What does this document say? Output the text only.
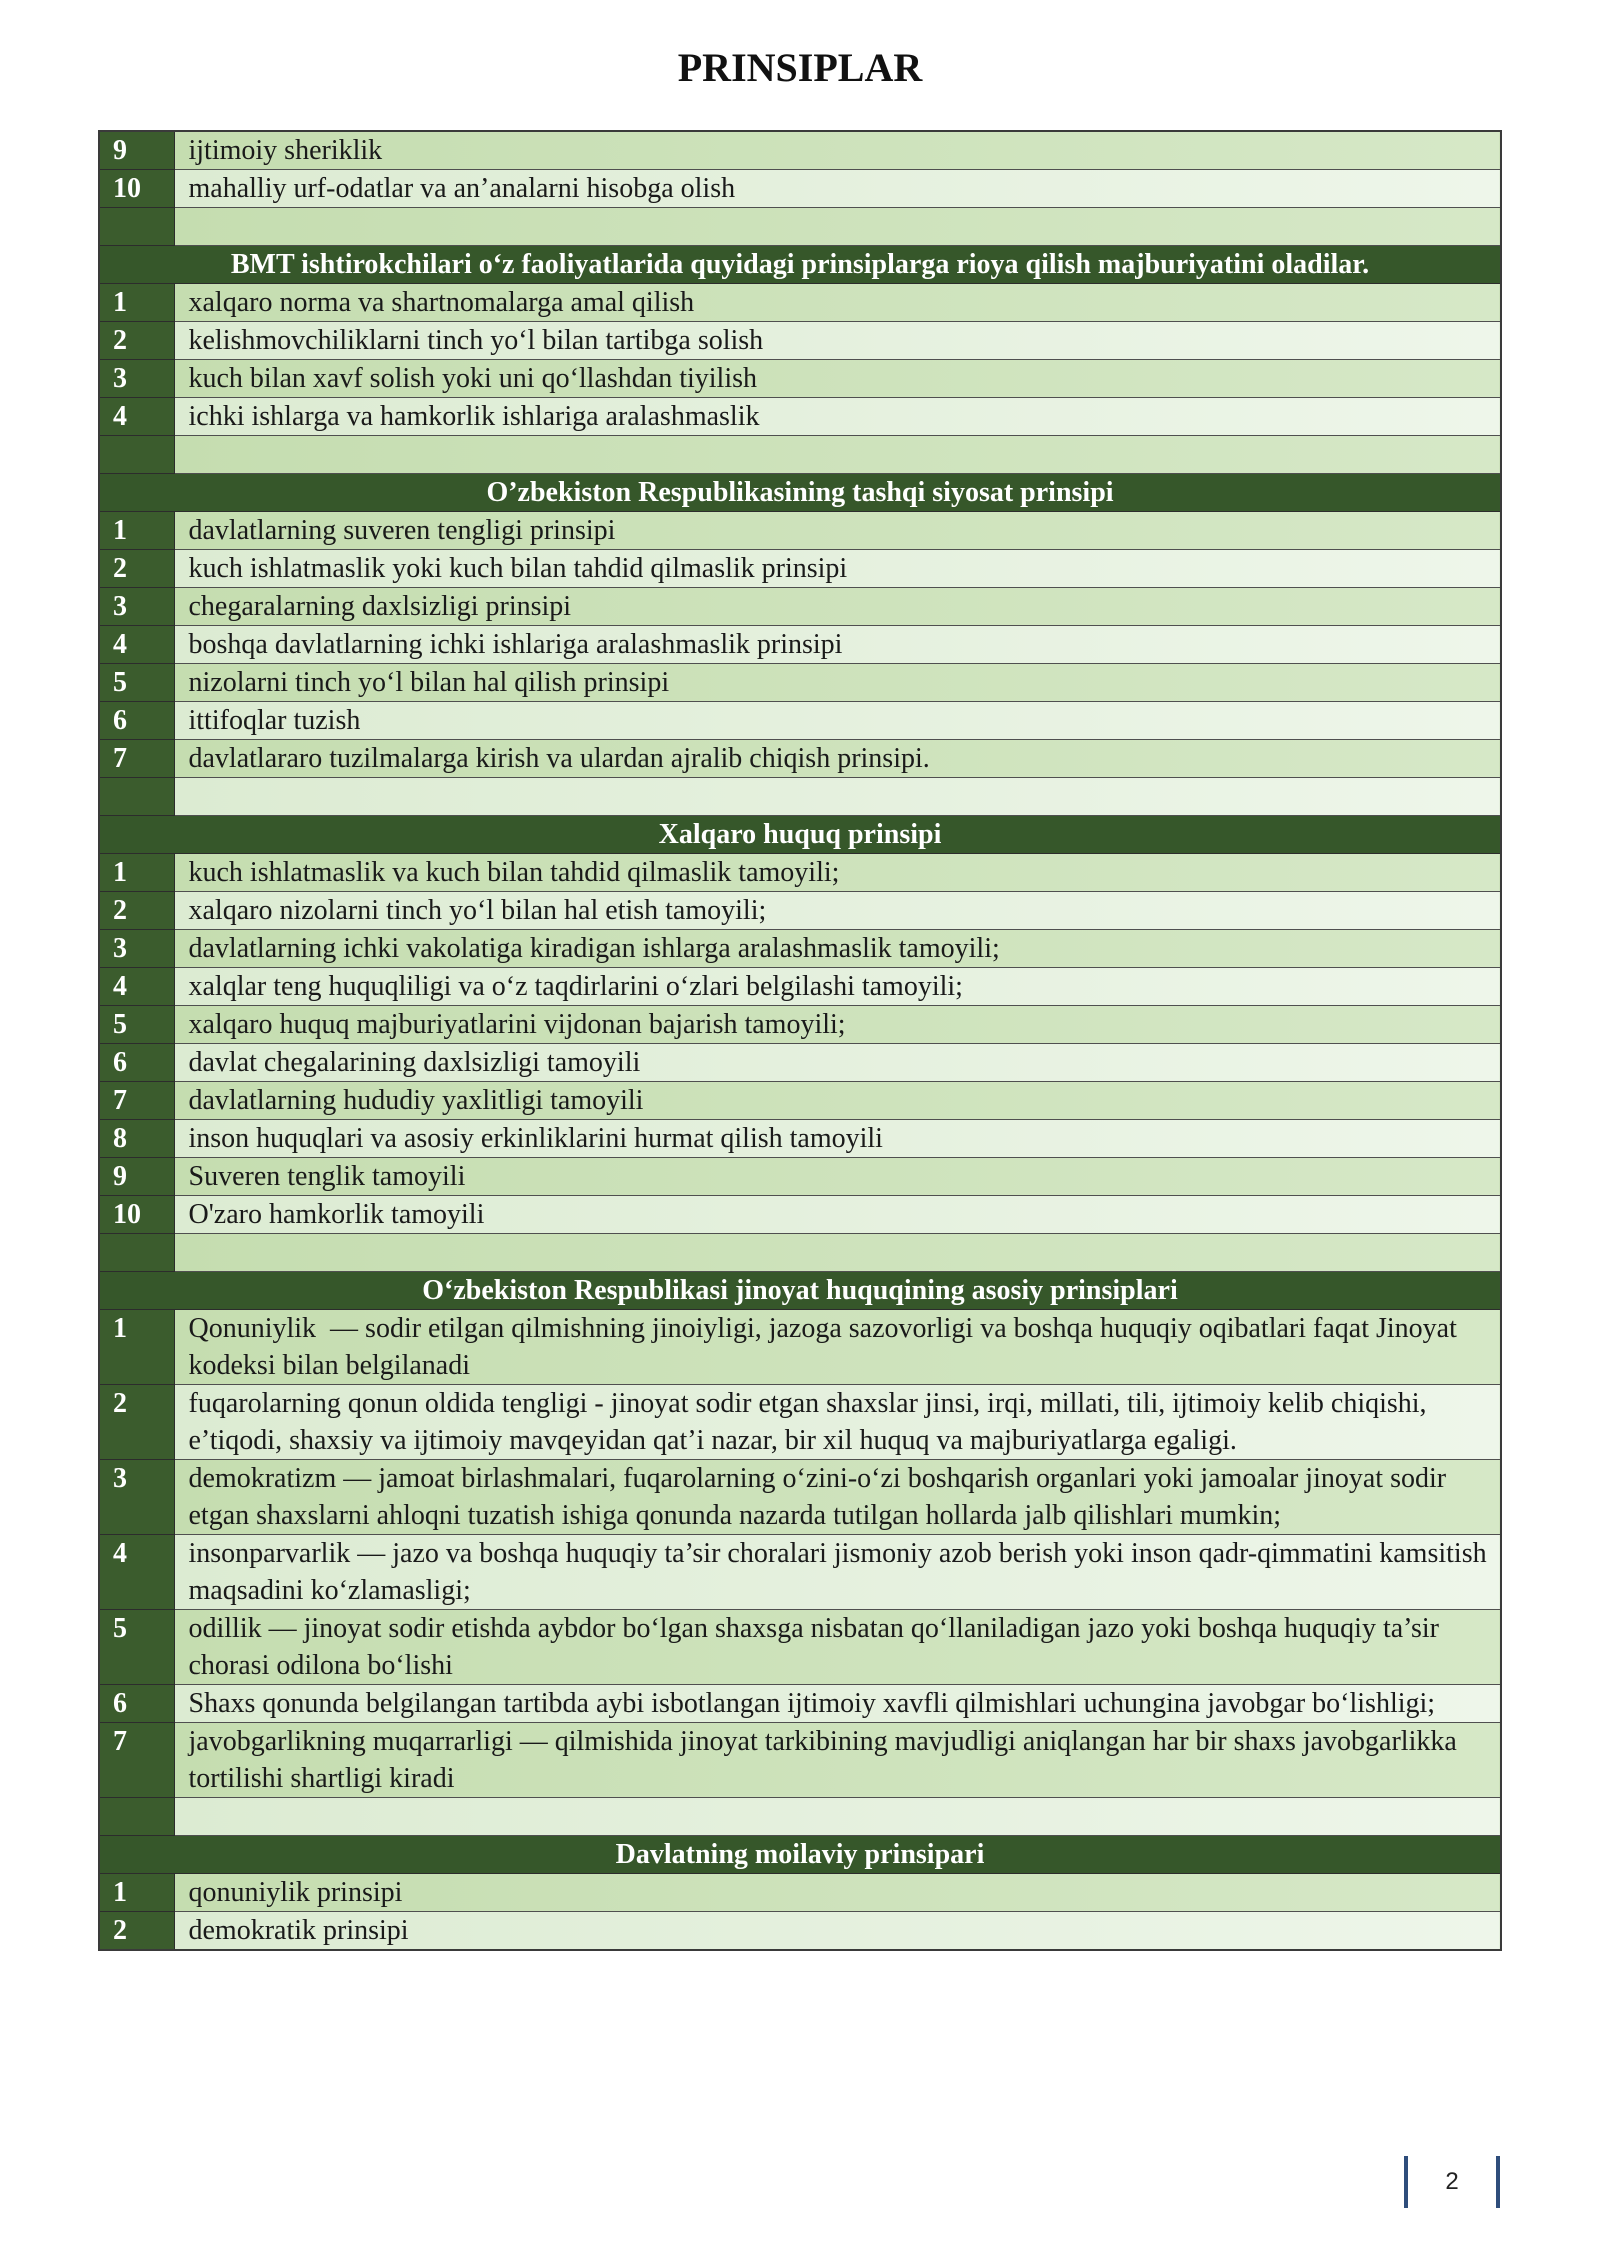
PRINSIPLAR
9	ijtimoiy sheriklik
10	mahalliy urf-odatlar va an’analarni hisobga olish

BMT ishtirokchilari o‘z faoliyatlarida quyidagi prinsiplarga rioya qilish majburiyatini oladilar.	
1	xalqaro norma va shartnomalarga amal qilish
2	kelishmovchiliklarni tinch yo‘l bilan tartibga solish
3	kuch bilan xavf solish yoki uni qo‘llashdan tiyilish
4	ichki ishlarga va hamkorlik ishlariga aralashmaslik

O’zbekiston Respublikasining tashqi siyosat prinsipi	
1	davlatlarning suveren tengligi prinsipi
2	kuch ishlatmaslik yoki kuch bilan tahdid qilmaslik prinsipi
3	chegaralarning daxlsizligi prinsipi
4	boshqa davlatlarning ichki ishlariga aralashmaslik prinsipi
5	nizolarni tinch yo‘l bilan hal qilish prinsipi
6	ittifoqlar tuzish
7	davlatlararo tuzilmalarga kirish va ulardan ajralib chiqish prinsipi.

Xalqaro huquq prinsipi	
1	kuch ishlatmaslik va kuch bilan tahdid qilmaslik tamoyili;
2	xalqaro nizolarni tinch yo‘l bilan hal etish tamoyili;
3	davlatlarning ichki vakolatiga kiradigan ishlarga aralashmaslik tamoyili;
4	xalqlar teng huquqliligi va o‘z taqdirlarini o‘zlari belgilashi tamoyili;
5	xalqaro huquq majburiyatlarini vijdonan bajarish tamoyili;
6	davlat chegalarining daxlsizligi tamoyili
7	davlatlarning hududiy yaxlitligi tamoyili
8	inson huquqlari va asosiy erkinliklarini hurmat qilish tamoyili
9	Suveren tenglik tamoyili
10	O'zaro hamkorlik tamoyili

O‘zbekiston Respublikasi jinoyat huquqining asosiy prinsiplari	
1	Qonuniylik  — sodir etilgan qilmishning jinoiyligi, jazoga sazovorligi va boshqa huquqiy oqibatlari faqat Jinoyat kodeksi bilan belgilanadi
2	fuqarolarning qonun oldida tengligi - jinoyat sodir etgan shaxslar jinsi, irqi, millati, tili, ijtimoiy kelib chiqishi, e’tiqodi, shaxsiy va ijtimoiy mavqeyidan qat’i nazar, bir xil huquq va majburiyatlarga egaligi.
3	demokratizm — jamoat birlashmalari, fuqarolarning o‘zini-o‘zi boshqarish organlari yoki jamoalar jinoyat sodir etgan shaxslarni ahloqni tuzatish ishiga qonunda nazarda tutilgan hollarda jalb qilishlari mumkin;
4	insonparvarlik — jazo va boshqa huquqiy ta’sir choralari jismoniy azob berish yoki inson qadr-qimmatini kamsitish maqsadini ko‘zlamasligi;
5	odillik — jinoyat sodir etishda aybdor bo‘lgan shaxsga nisbatan qo‘llaniladigan jazo yoki boshqa huquqiy ta’sir chorasi odilona bo‘lishi
6	Shaxs qonunda belgilangan tartibda aybi isbotlangan ijtimoiy xavfli qilmishlari uchungina javobgar bo‘lishligi;
7	javobgarlikning muqarrarligi — qilmishida jinoyat tarkibining mavjudligi aniqlangan har bir shaxs javobgarlikka tortilishi shartligi kiradi

Davlatning moilaviy prinsipari	
1	qonuniylik prinsipi
2	demokratik prinsipi
2
